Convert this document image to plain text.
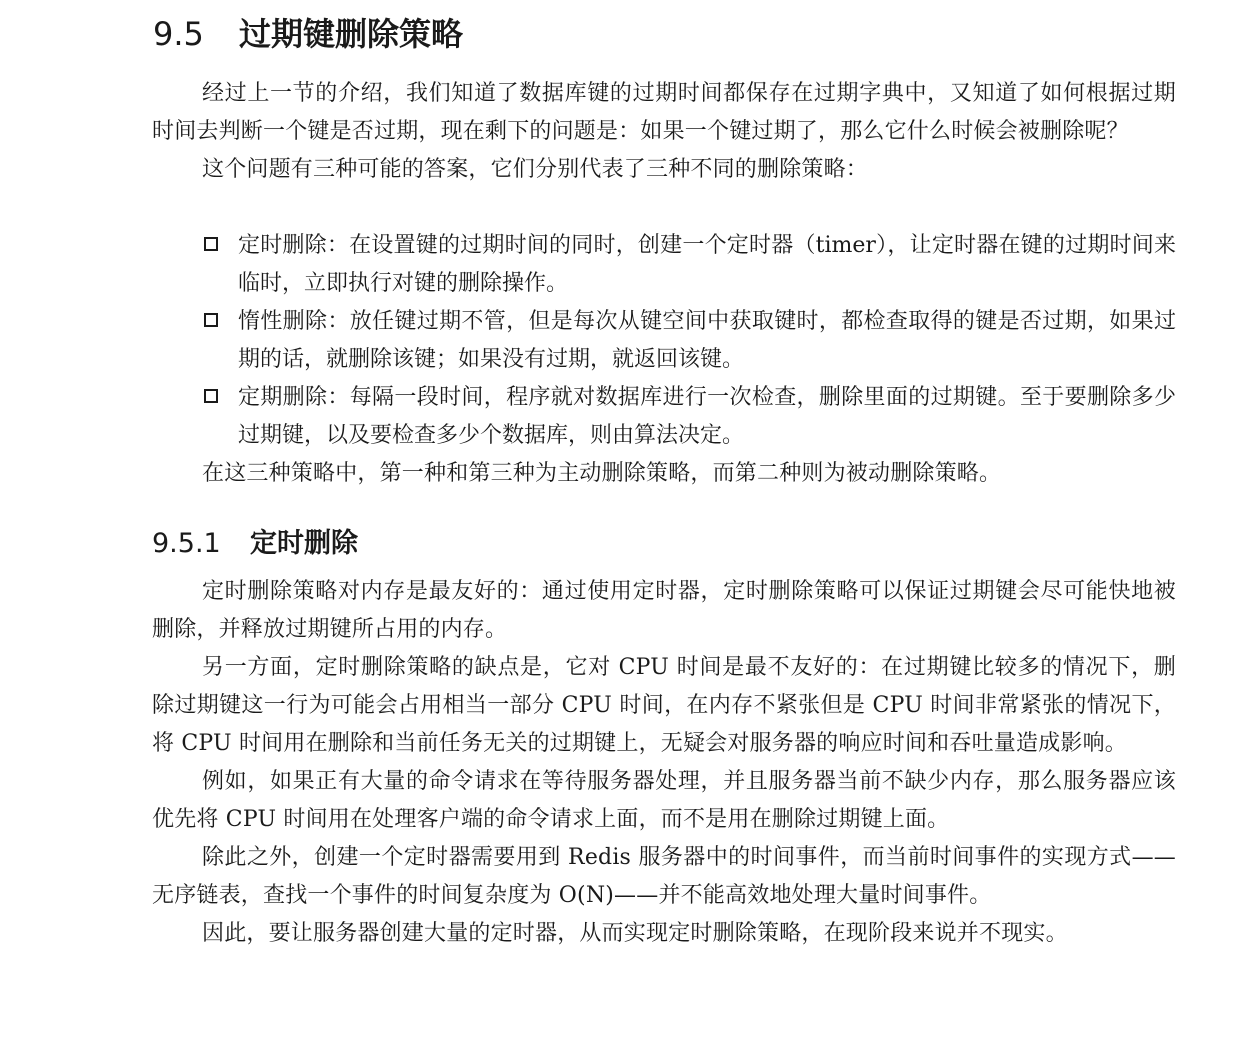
9.5 过期键删除策略

经过上一节的介绍，我们知道了数据库键的过期时间都保存在过期字典中，又知道了如何根据过期时间去判断一个键是否过期，现在剩下的问题是：如果一个键过期了，那么它什么时候会被删除呢？

这个问题有三种可能的答案，它们分别代表了三种不同的删除策略：

定时删除：在设置键的过期时间的同时，创建一个定时器（timer），让定时器在键的过期时间来临时，立即执行对键的删除操作。
惰性删除：放任键过期不管，但是每次从键空间中获取键时，都检查取得的键是否过期，如果过期的话，就删除该键；如果没有过期，就返回该键。
定期删除：每隔一段时间，程序就对数据库进行一次检查，删除里面的过期键。至于要删除多少过期键，以及要检查多少个数据库，则由算法决定。

在这三种策略中，第一种和第三种为主动删除策略，而第二种则为被动删除策略。

9.5.1 定时删除

定时删除策略对内存是最友好的：通过使用定时器，定时删除策略可以保证过期键会尽可能快地被删除，并释放过期键所占用的内存。

另一方面，定时删除策略的缺点是，它对 CPU 时间是最不友好的：在过期键比较多的情况下，删除过期键这一行为可能会占用相当一部分 CPU 时间，在内存不紧张但是 CPU 时间非常紧张的情况下，将 CPU 时间用在删除和当前任务无关的过期键上，无疑会对服务器的响应时间和吞吐量造成影响。

例如，如果正有大量的命令请求在等待服务器处理，并且服务器当前不缺少内存，那么服务器应该优先将 CPU 时间用在处理客户端的命令请求上面，而不是用在删除过期键上面。

除此之外，创建一个定时器需要用到 Redis 服务器中的时间事件，而当前时间事件的实现方式——无序链表，查找一个事件的时间复杂度为 O(N)——并不能高效地处理大量时间事件。

因此，要让服务器创建大量的定时器，从而实现定时删除策略，在现阶段来说并不现实。
